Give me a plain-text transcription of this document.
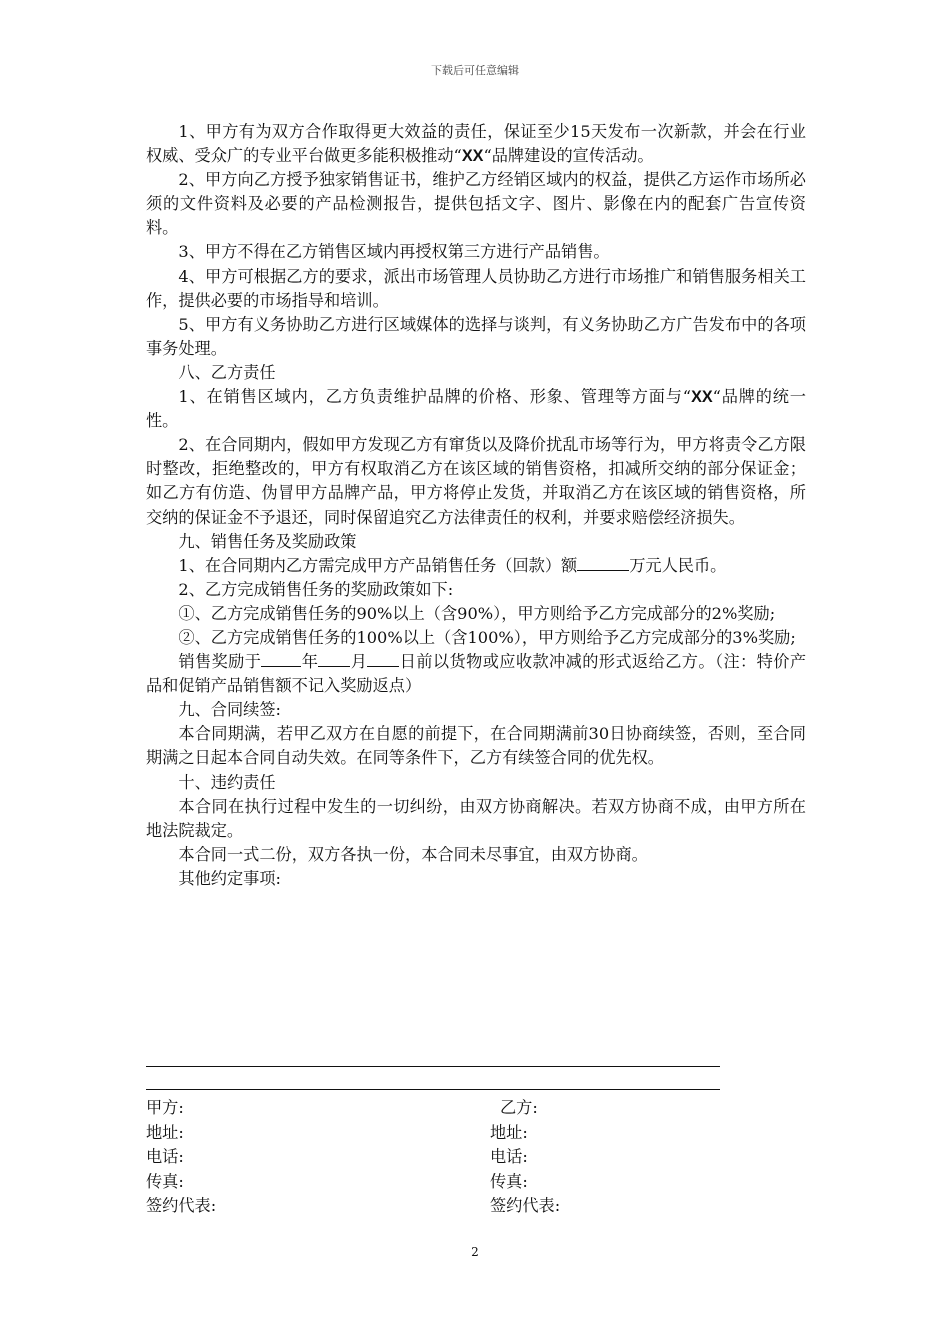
下载后可任意编辑

1、甲方有为双方合作取得更大效益的责任，保证至少15天发布一次新款，并会在行业权威、受众广的专业平台做更多能积极推动“XX“品牌建设的宣传活动。

2、甲方向乙方授予独家销售证书，维护乙方经销区域内的权益，提供乙方运作市场所必须的文件资料及必要的产品检测报告，提供包括文字、图片、影像在内的配套广告宣传资料。

3、甲方不得在乙方销售区域内再授权第三方进行产品销售。

4、甲方可根据乙方的要求，派出市场管理人员协助乙方进行市场推广和销售服务相关工作，提供必要的市场指导和培训。

5、甲方有义务协助乙方进行区域媒体的选择与谈判，有义务协助乙方广告发布中的各项事务处理。

八、乙方责任

1、在销售区域内，乙方负责维护品牌的价格、形象、管理等方面与“XX“品牌的统一性。

2、在合同期内，假如甲方发现乙方有窜货以及降价扰乱市场等行为，甲方将责令乙方限时整改，拒绝整改的，甲方有权取消乙方在该区域的销售资格，扣减所交纳的部分保证金；如乙方有仿造、伪冒甲方品牌产品，甲方将停止发货，并取消乙方在该区域的销售资格，所交纳的保证金不予退还，同时保留追究乙方法律责任的权利，并要求赔偿经济损失。

九、销售任务及奖励政策

1、在合同期内乙方需完成甲方产品销售任务（回款）额	万元人民币。

2、乙方完成销售任务的奖励政策如下:

①、乙方完成销售任务的90%以上（含90%），甲方则给予乙方完成部分的2%奖励;

②、乙方完成销售任务的100%以上（含100%），甲方则给予乙方完成部分的3%奖励;

销售奖励于 年 月 日前以货物或应收款冲减的形式返给乙方。（注：特价产品和促销产品销售额不记入奖励返点）

九、合同续签:

本合同期满，若甲乙双方在自愿的前提下，在合同期满前30日协商续签，否则，至合同期满之日起本合同自动失效。在同等条件下，乙方有续签合同的优先权。

十、违约责任

本合同在执行过程中发生的一切纠纷，由双方协商解决。若双方协商不成，由甲方所在地法院裁定。

本合同一式二份，双方各执一份，本合同未尽事宜，由双方协商。

其他约定事项:

甲方:	乙方:
地址:	地址:
电话:	电话:
传真:	传真:
签约代表:	签约代表:
2
